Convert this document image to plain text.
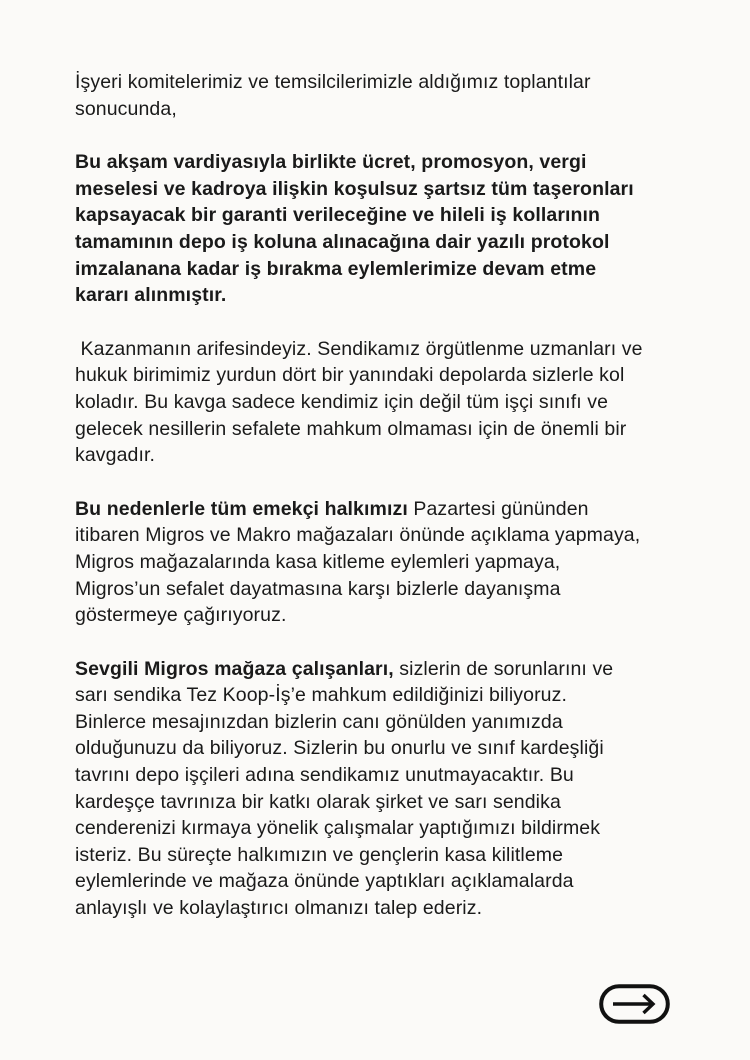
İşyeri komitelerimiz ve temsilcilerimizle aldığımız toplantılar sonucunda,

Bu akşam vardiyasıyla birlikte ücret, promosyon, vergi meselesi ve kadroya ilişkin koşulsuz şartsız tüm taşeronları kapsayacak bir garanti verileceğine ve hileli iş kollarının tamamının depo iş koluna alınacağına dair yazılı protokol imzalanana kadar iş bırakma eylemlerimize devam etme kararı alınmıştır.

Kazanmanın arifesindeyiz. Sendikamız örgütlenme uzmanları ve hukuk birimimiz yurdun dört bir yanındaki depolarda sizlerle kol koladır. Bu kavga sadece kendimiz için değil tüm işçi sınıfı ve gelecek nesillerin sefalete mahkum olmaması için de önemli bir kavgadır.

Bu nedenlerle tüm emekçi halkımızı Pazartesi gününden itibaren Migros ve Makro mağazaları önünde açıklama yapmaya, Migros mağazalarında kasa kitleme eylemleri yapmaya, Migros’un sefalet dayatmasına karşı bizlerle dayanışma göstermeye çağırıyoruz.

Sevgili Migros mağaza çalışanları, sizlerin de sorunlarını ve sarı sendika Tez Koop-İş’e mahkum edildiğinizi biliyoruz. Binlerce mesajınızdan bizlerin canı gönülden yanımızda olduğunuzu da biliyoruz. Sizlerin bu onurlu ve sınıf kardeşliği tavrını depo işçileri adına sendikamız unutmayacaktır. Bu kardeşçe tavrınıza bir katkı olarak şirket ve sarı sendika cenderenizi kırmaya yönelik çalışmalar yaptığımızı bildirmek isteriz. Bu süreçte halkımızın ve gençlerin kasa kilitleme eylemlerinde ve mağaza önünde yaptıkları açıklamalarda anlayışlı ve kolaylaştırıcı olmanızı talep ederiz.
